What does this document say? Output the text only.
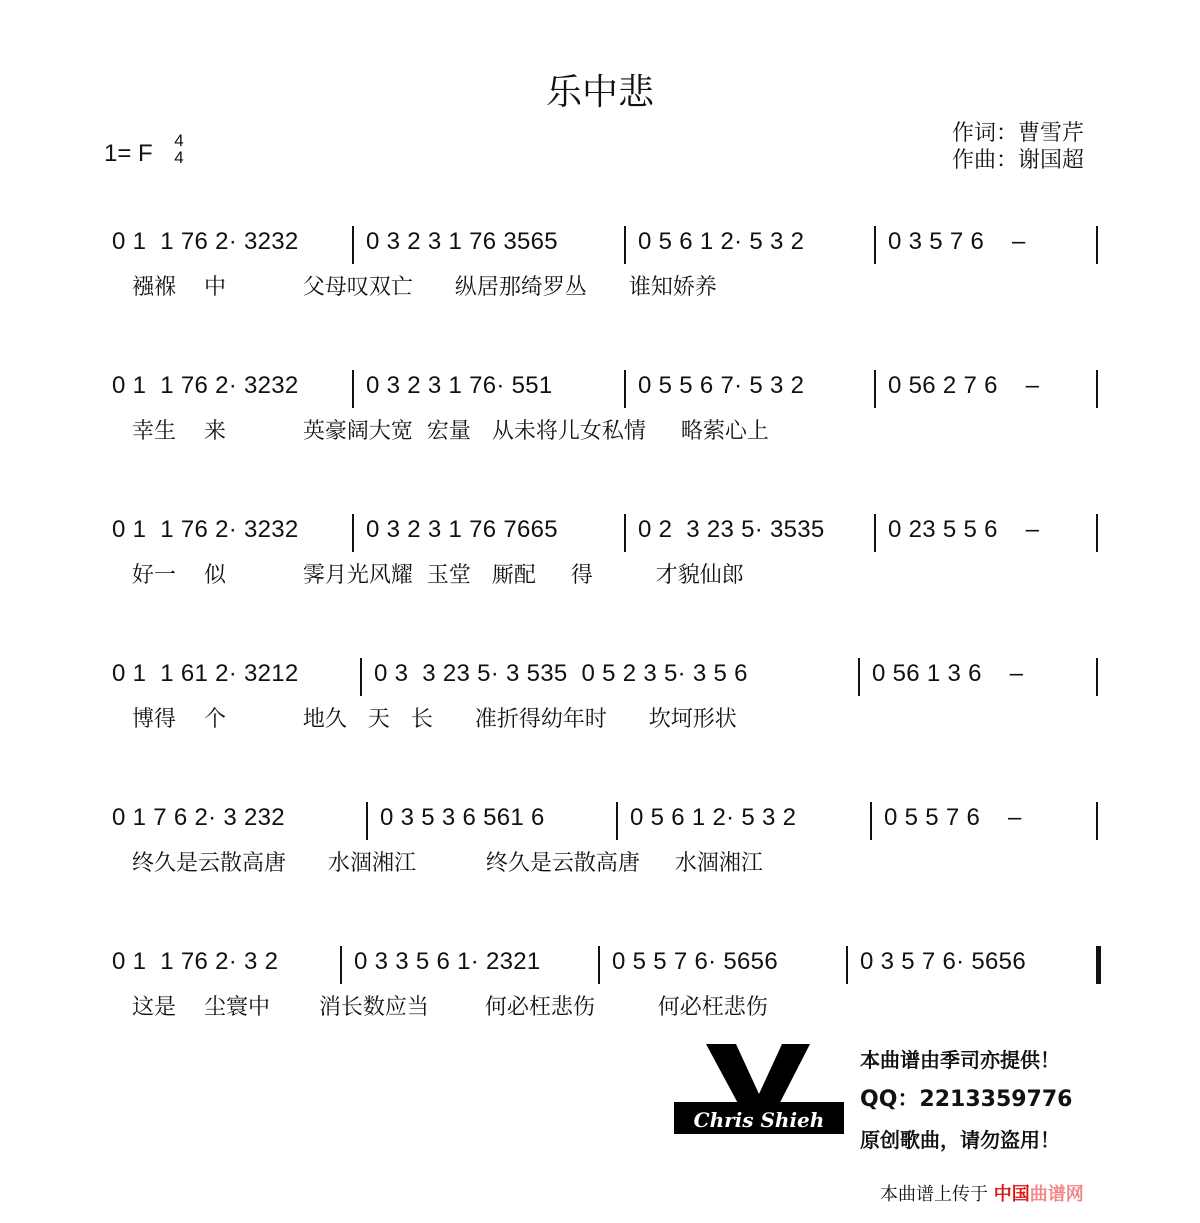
乐中悲
1= F 4
4
作词：曹雪芹
作曲：谢国超
0 1  1 76 2· 3232	0 3 2 3 1 76 3565	0 5 6 1 2· 5 3 2	0 3 5 7 6    –
襁褓    中           父母叹双亡      纵居那绮罗丛      谁知娇养
0 1  1 76 2· 3232	0 3 2 3 1 76· 551	0 5 5 6 7· 5 3 2	0 56 2 7 6    –
幸生    来           英豪阔大宽  宏量   从未将儿女私情     略萦心上
0 1  1 76 2· 3232	0 3 2 3 1 76 7665	0 2  3 23 5· 3535	0 23 5 5 6    –
好一    似           霁月光风耀  玉堂   厮配     得         才貌仙郎
0 1  1 61 2· 3212	0 3  3 23 5· 3 535  0 5 2 3 5· 3 5 6	0 56 1 3 6    –
博得    个           地久   天   长      准折得幼年时      坎坷形状
0 1 7 6 2· 3 232	0 3 5 3 6 561 6	0 5 6 1 2· 5 3 2	0 5 5 7 6    –
终久是云散高唐      水涸湘江          终久是云散高唐     水涸湘江
0 1  1 76 2· 3 2	0 3 3 5 6 1· 2321	0 5 5 7 6· 5656	0 3 5 7 6· 5656
这是    尘寰中       消长数应当        何必枉悲伤         何必枉悲伤
Chris Shieh
本曲谱由季司亦提供！
QQ：2213359776
原创歌曲，请勿盗用！
本曲谱上传于 中国曲谱网
